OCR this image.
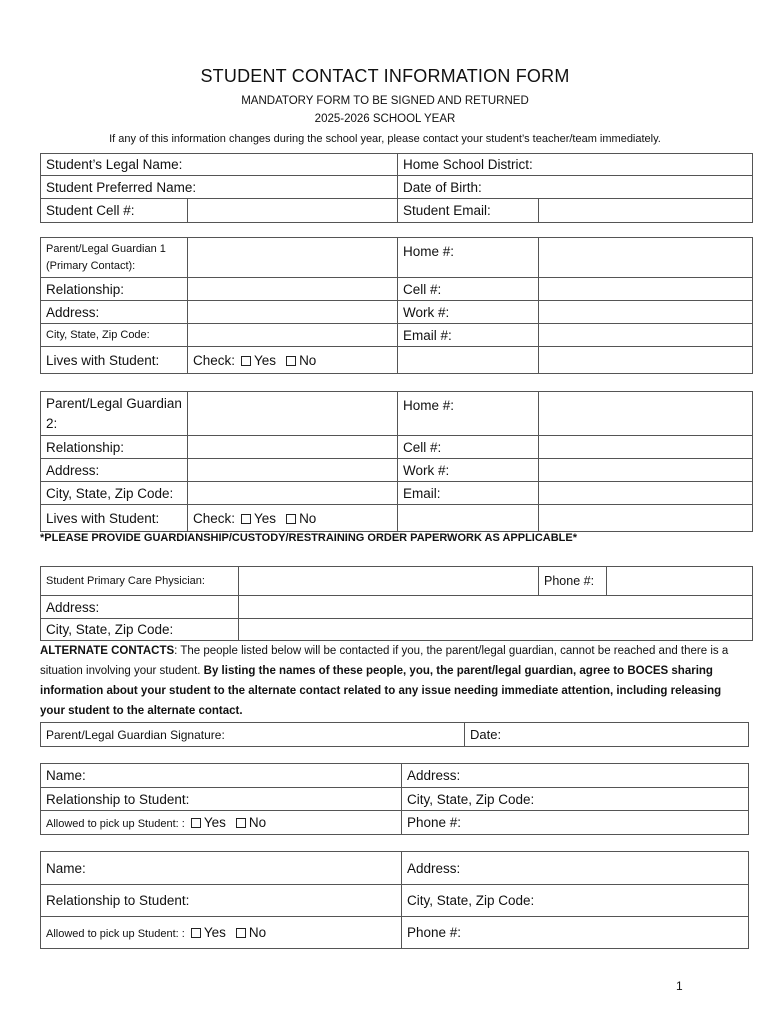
STUDENT CONTACT INFORMATION FORM
MANDATORY FORM TO BE SIGNED AND RETURNED
2025-2026 SCHOOL YEAR
If any of this information changes during the school year, please contact your student’s teacher/team immediately.
Student’s Legal Name:		Home School District:	
Student Preferred Name:		Date of Birth:	
Student Cell #:		Student Email:	
Parent/Legal Guardian 1 (Primary Contact):		Home #:	
Relationship:		Cell #:	
Address:		Work #:	
City, State, Zip Code:		Email #:	
Lives with Student:	Check: Yes No		
Parent/Legal Guardian 2:		Home #:	
Relationship:		Cell #:	
Address:		Work #:	
City, State, Zip Code:		Email:	
Lives with Student:	Check: Yes No		
*PLEASE PROVIDE GUARDIANSHIP/CUSTODY/RESTRAINING ORDER PAPERWORK AS APPLICABLE*
Student Primary Care Physician:		Phone #:	
Address:			
City, State, Zip Code:			
ALTERNATE CONTACTS: The people listed below will be contacted if you, the parent/legal guardian, cannot be reached and there is a situation involving your student. By listing the names of these people, you, the parent/legal guardian, agree to BOCES sharing information about your student to the alternate contact related to any issue needing immediate attention, including releasing your student to the alternate contact.
Parent/Legal Guardian Signature:	Date:
Name:	Address:
Relationship to Student:	City, State, Zip Code:
Allowed to pick up Student: : Yes No	Phone #:
Name:	Address:
Relationship to Student:	City, State, Zip Code:
Allowed to pick up Student: : Yes No	Phone #:
1
